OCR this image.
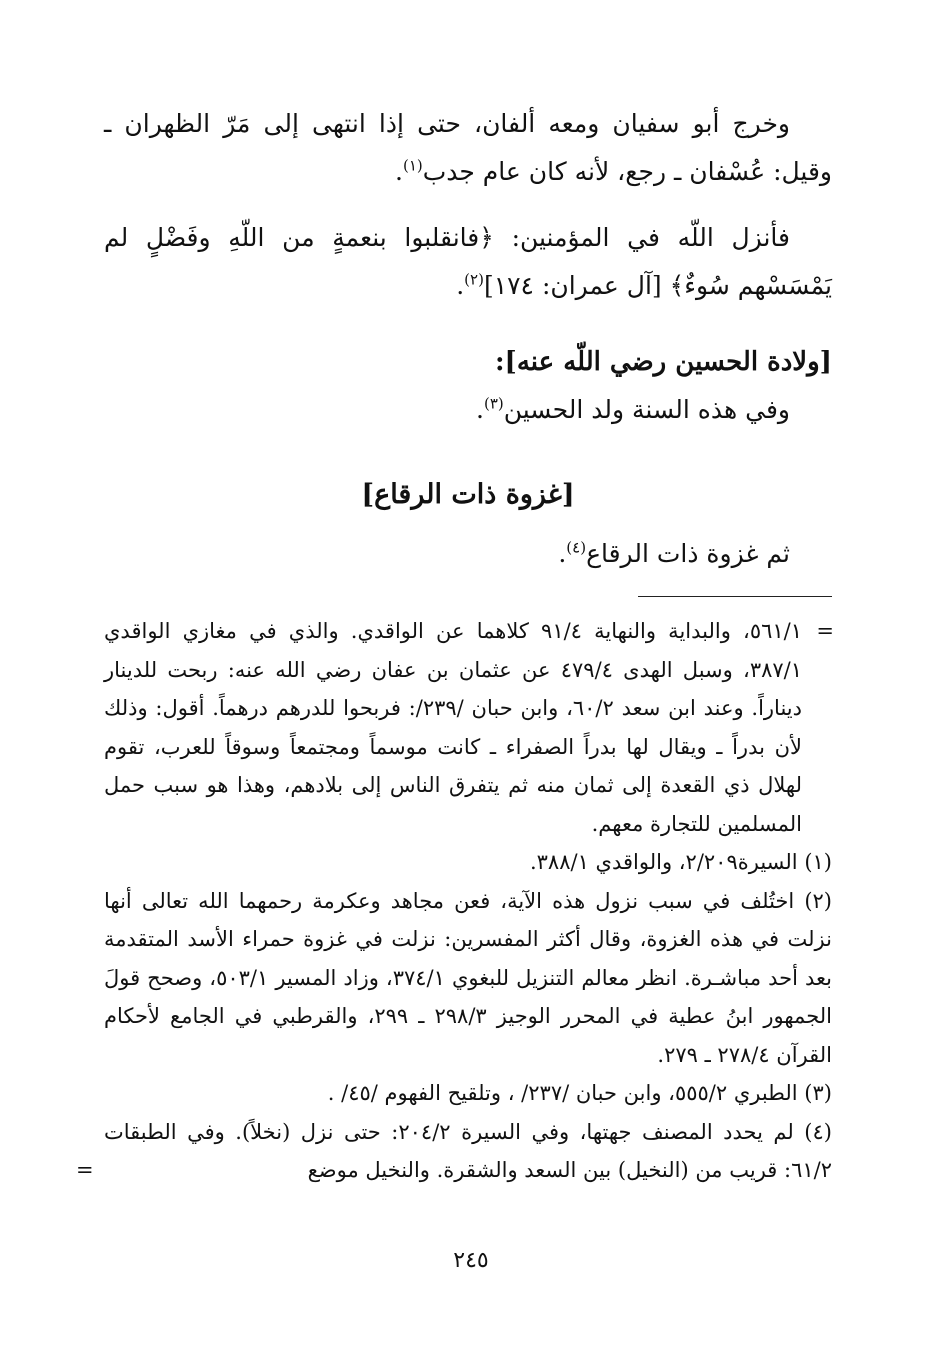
وخرج أبو سفيان ومعه ألفان، حتى إذا انتهى إلى مَرّ الظهران ـ وقيل: عُسْفان ـ رجع، لأنه كان عام جدب$^{(١)}$.

فأنزل اللّه في المؤمنين: ﴿فانقلبوا بنعمةٍ من اللّهِ وفَضْلٍ لم يَمْسَسْهم سُوءٌ﴾ [آل عمران: ١٧٤]$^{(٢)}$.

[ولادة الحسين رضي اللّه عنه]:

وفي هذه السنة ولد الحسين$^{(٣)}$.

[غزوة ذات الرقاع]

ثم غزوة ذات الرقاع$^{(٤)}$.

=
٥٦١/١، والبداية والنهاية ٩١/٤ كلاهما عن الواقدي. والذي في مغازي الواقدي ٣٨٧/١، وسبل الهدى ٤٧٩/٤ عن عثمان بن عفان رضي الله عنه: ربحت للدينار ديناراً. وعند ابن سعد ٦٠/٢، وابن حبان /٢٣٩/: فربحوا للدرهم درهماً. أقول: وذلك لأن بدراً ـ ويقال لها بدراً الصفراء ـ كانت موسماً ومجتمعاً وسوقاً للعرب، تقوم لهلال ذي القعدة إلى ثمان منه ثم يتفرق الناس إلى بلادهم، وهذا هو سبب حمل المسلمين للتجارة معهم.

(١) السيرة٢/٢٠٩، والواقدي ٣٨٨/١.

(٢) اختُلف في سبب نزول هذه الآية، فعن مجاهد وعكرمة رحمهما الله تعالى أنها نزلت في هذه الغزوة، وقال أكثر المفسرين: نزلت في غزوة حمراء الأسد المتقدمة بعد أحد مباشـرة. انظر معالم التنزيل للبغوي ٣٧٤/١، وزاد المسير ٥٠٣/١، وصحح قولَ الجمهور ابنُ عطية في المحرر الوجيز ٢٩٨/٣ ـ ٢٩٩، والقرطبي في الجامع لأحكام القرآن ٢٧٨/٤ ـ ٢٧٩.

(٣) الطبري ٥٥٥/٢، وابن حبان /٢٣٧/ ، وتلقيح الفهوم /٤٥/ .

(٤) لم يحدد المصنف جهتها، وفي السيرة ٢٠٤/٢: حتى نزل (نخلاً). وفي الطبقات ٦١/٢: قريب من (النخيل) بين السعد والشقرة. والنخيل موضع
=

٢٤٥
